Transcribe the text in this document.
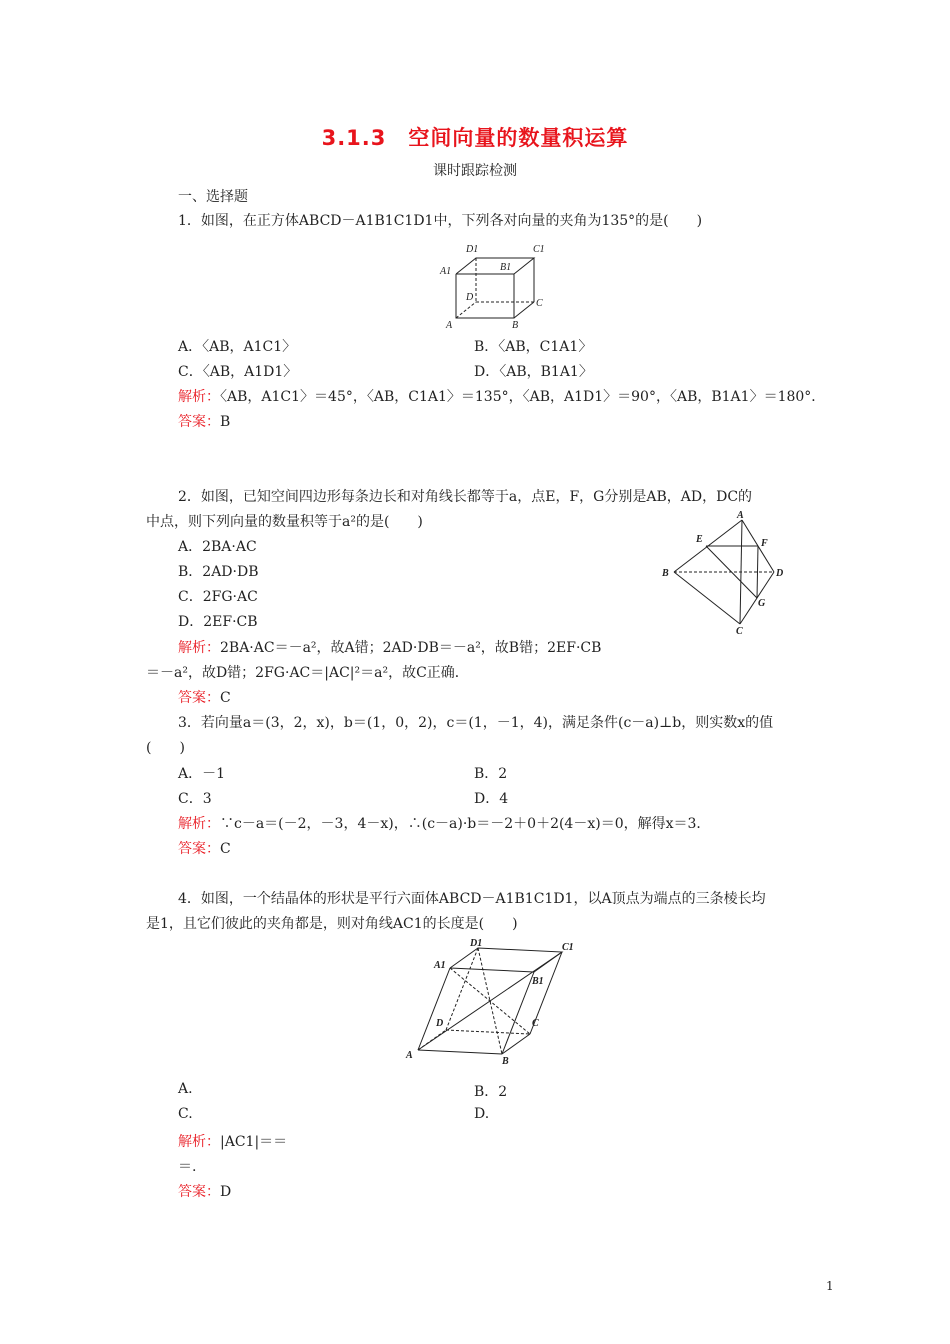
3.1.3　空间向量的数量积运算
课时跟踪检测
一、选择题
1．如图，在正方体ABCD－A1B1C1D1中，下列各对向量的夹角为135°的是(　　)
D1	C1
B1
A1
D
C
A	B
A．〈AB，A1C1〉	B．〈AB，C1A1〉
C．〈AB，A1D1〉	D．〈AB，B1A1〉
解析：〈AB，A1C1〉＝45°，〈AB，C1A1〉＝135°，〈AB，A1D1〉＝90°，〈AB，B1A1〉＝180°．
答案：B
2．如图，已知空间四边形每条边长和对角线长都等于a，点E，F，G分别是AB，AD，DC的
中点，则下列向量的数量积等于a²的是(　　)	A
E	F
B	D
G
C
A．2BA·AC
B．2AD·DB
C．2FG·AC
D．2EF·CB
解析：2BA·AC＝－a²，故A错；2AD·DB＝－a²，故B错；2EF·CB
＝－a²，故D错；2FG·AC＝|AC|²＝a²，故C正确．
答案：C
3．若向量a＝(3，2，x)，b＝(1，0，2)，c＝(1，－1，4)，满足条件(c－a)⊥b，则实数x的值
(　　)
A．－1	B．2
C．3	D．4
解析：∵c－a＝(－2，－3，4－x)，∴(c－a)·b＝－2＋0＋2(4－x)＝0，解得x＝3．
答案：C
4．如图，一个结晶体的形状是平行六面体ABCD－A1B1C1D1，以A顶点为端点的三条棱长均
是1，且它们彼此的夹角都是，则对角线AC1的长度是(　　)
D1	C1
A1
B1
D	C
A
B
A.	B．2
C.	D.
解析：|AC1|＝＝
＝.
答案：D
1
